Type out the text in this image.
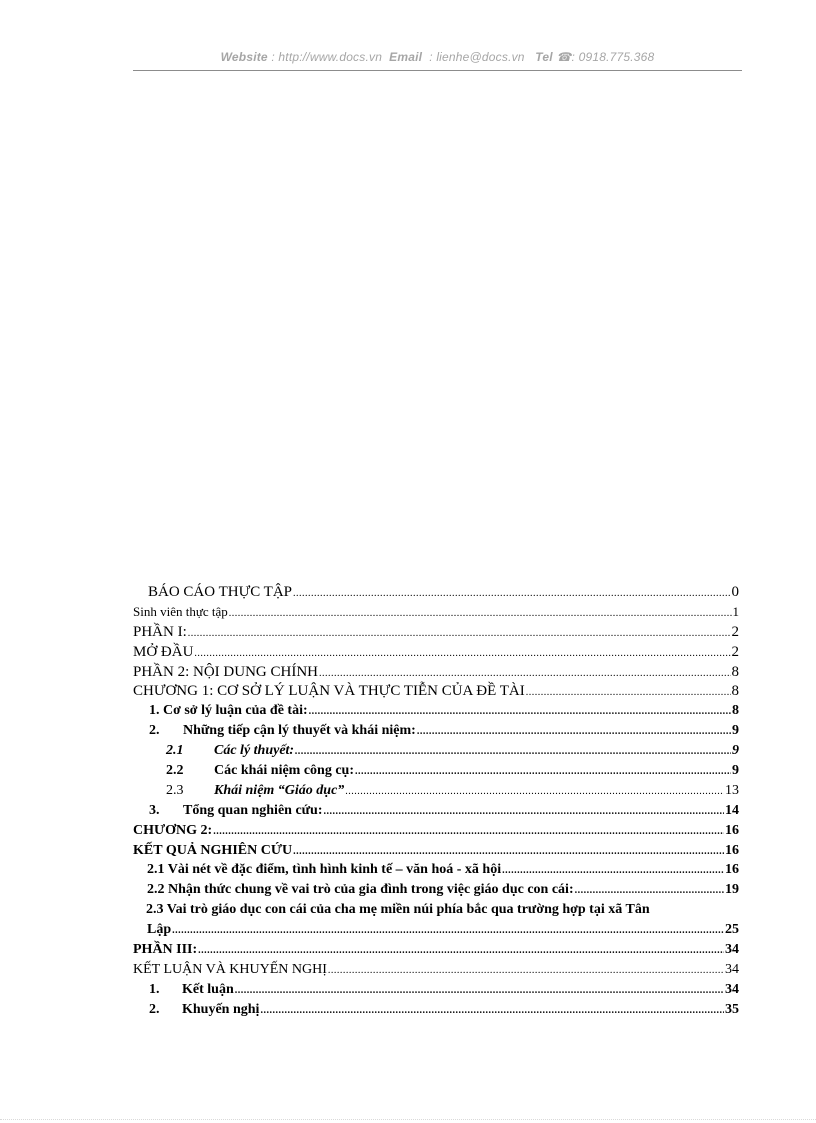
Website : http://www.docs.vn Email : lienhe@docs.vn Tel ☎: 0918.775.368
BÁO CÁO THỰC TẬP .....	0
Sinh viên thực tập .....	1
PHẦN I: .....	2
MỞ ĐẦU .....	2
PHẦN 2: NỘI DUNG CHÍNH .....	8
CHƯƠNG 1: CƠ SỞ LÝ LUẬN VÀ THỰC TIỄN CỦA ĐỀ TÀI .....	8
1. Cơ sở lý luận của đề tài: .....	8
2. Những tiếp cận lý thuyết và khái niệm: .....	9
2.1 Các lý thuyết: .....	9
2.2 Các khái niệm công cụ: .....	9
2.3 Khái niệm “Giáo dục” .....	13
3. Tổng quan nghiên cứu: .....	14
CHƯƠNG 2: .....	16
KẾT QUẢ NGHIÊN CỨU .....	16
2.1 Vài nét về đặc điểm, tình hình kinh tế – văn hoá - xã hội .....	16
2.2 Nhận thức chung về vai trò của gia đình trong việc giáo dục con cái: .....	19
2.3 Vai trò giáo dục con cái của cha mẹ miền núi phía bắc qua trường hợp tại xã Tân
Lập .....	25
PHẦN III: .....	34
KẾT LUẬN VÀ KHUYẾN NGHỊ .....	34
1. Kết luận .....	34
2. Khuyến nghị .....	35
